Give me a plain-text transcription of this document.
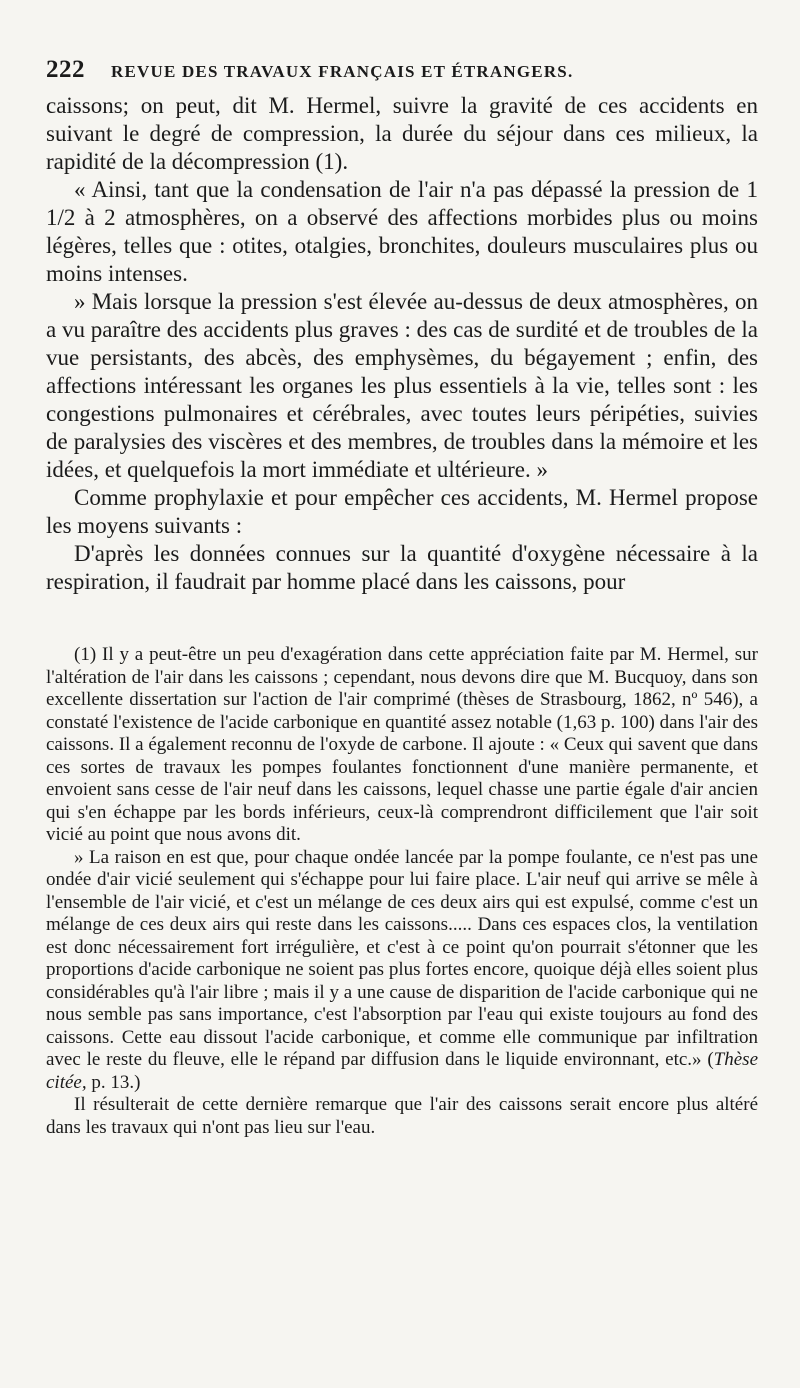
222 REVUE DES TRAVAUX FRANÇAIS ET ÉTRANGERS.

caissons; on peut, dit M. Hermel, suivre la gravité de ces accidents en suivant le degré de compression, la durée du séjour dans ces milieux, la rapidité de la décompression (1).

« Ainsi, tant que la condensation de l'air n'a pas dépassé la pression de 1 1/2 à 2 atmosphères, on a observé des affections morbides plus ou moins légères, telles que : otites, otalgies, bronchites, douleurs musculaires plus ou moins intenses.

» Mais lorsque la pression s'est élevée au-dessus de deux atmosphères, on a vu paraître des accidents plus graves : des cas de surdité et de troubles de la vue persistants, des abcès, des emphysèmes, du bégayement ; enfin, des affections intéressant les organes les plus essentiels à la vie, telles sont : les congestions pulmonaires et cérébrales, avec toutes leurs péripéties, suivies de paralysies des viscères et des membres, de troubles dans la mémoire et les idées, et quelquefois la mort immédiate et ultérieure. »

Comme prophylaxie et pour empêcher ces accidents, M. Hermel propose les moyens suivants :

D'après les données connues sur la quantité d'oxygène nécessaire à la respiration, il faudrait par homme placé dans les caissons, pour

(1) Il y a peut-être un peu d'exagération dans cette appréciation faite par M. Hermel, sur l'altération de l'air dans les caissons ; cependant, nous devons dire que M. Bucquoy, dans son excellente dissertation sur l'action de l'air comprimé (thèses de Strasbourg, 1862, nº 546), a constaté l'existence de l'acide carbonique en quantité assez notable (1,63 p. 100) dans l'air des caissons. Il a également reconnu de l'oxyde de carbone. Il ajoute : « Ceux qui savent que dans ces sortes de travaux les pompes foulantes fonctionnent d'une manière permanente, et envoient sans cesse de l'air neuf dans les caissons, lequel chasse une partie égale d'air ancien qui s'en échappe par les bords inférieurs, ceux-là comprendront difficilement que l'air soit vicié au point que nous avons dit.

» La raison en est que, pour chaque ondée lancée par la pompe foulante, ce n'est pas une ondée d'air vicié seulement qui s'échappe pour lui faire place. L'air neuf qui arrive se mêle à l'ensemble de l'air vicié, et c'est un mélange de ces deux airs qui est expulsé, comme c'est un mélange de ces deux airs qui reste dans les caissons..... Dans ces espaces clos, la ventilation est donc nécessairement fort irrégulière, et c'est à ce point qu'on pourrait s'étonner que les proportions d'acide carbonique ne soient pas plus fortes encore, quoique déjà elles soient plus considérables qu'à l'air libre ; mais il y a une cause de disparition de l'acide carbonique qui ne nous semble pas sans importance, c'est l'absorption par l'eau qui existe toujours au fond des caissons. Cette eau dissout l'acide carbonique, et comme elle communique par infiltration avec le reste du fleuve, elle le répand par diffusion dans le liquide environnant, etc.» (Thèse citée, p. 13.)

Il résulterait de cette dernière remarque que l'air des caissons serait encore plus altéré dans les travaux qui n'ont pas lieu sur l'eau.
